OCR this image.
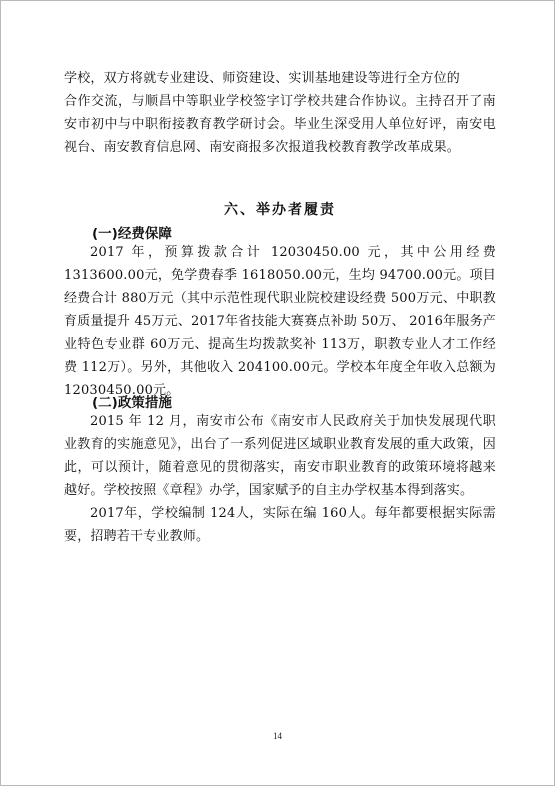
学校，双方将就专业建设、师资建设、实训基地建设等进行全方位的

合作交流，与顺昌中等职业学校签字订学校共建合作协议。主持召开了南安市初中与中职衔接教育教学研讨会。毕业生深受用人单位好评，南安电视台、南安教育信息网、南安商报多次报道我校教育教学改革成果。

六、举办者履责
(一)经费保障

2017 年，预算拨款合计 12030450.00 元，其中公用经费 1313600.00元，免学费春季 1618050.00元，生均 94700.00元。项目经费合计 880万元（其中示范性现代职业院校建设经费 500万元、中职教育质量提升 45万元、2017年省技能大赛赛点补助 50万、 2016年服务产业特色专业群 60万元、提高生均拨款奖补 113万，职教专业人才工作经费 112万）。另外，其他收入 204100.00元。学校本年度全年收入总额为 12030450.00元。

(二)政策措施

2015 年 12 月，南安市公布《南安市人民政府关于加快发展现代职业教育的实施意见》，出台了一系列促进区域职业教育发展的重大政策，因此，可以预计，随着意见的贯彻落实，南安市职业教育的政策环境将越来越好。学校按照《章程》办学，国家赋予的自主办学权基本得到落实。

2017年，学校编制 124人，实际在编 160人。每年都要根据实际需要，招聘若干专业教师。

14
